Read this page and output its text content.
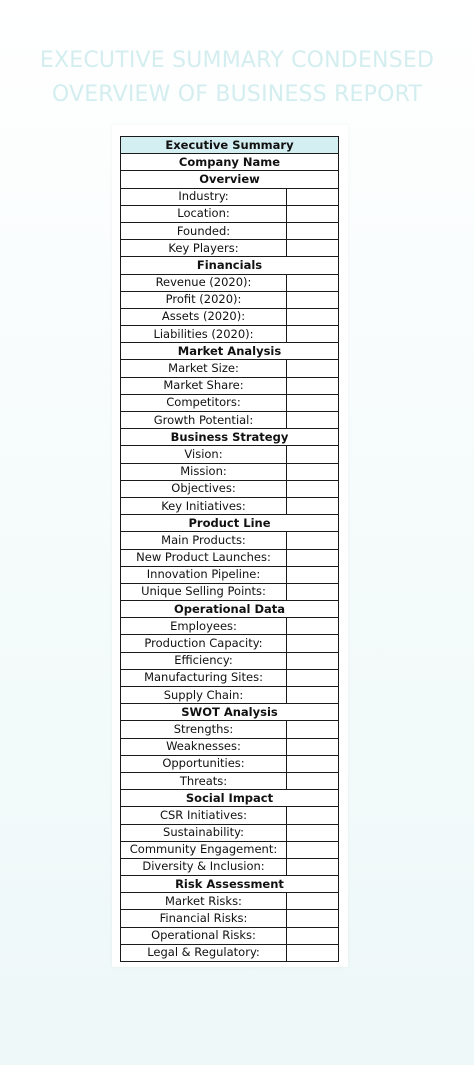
EXECUTIVE SUMMARY CONDENSED
OVERVIEW OF BUSINESS REPORT
Executive Summary	
Company Name	
Overview	
Industry:	
Location:	
Founded:	
Key Players:	
Financials	
Revenue (2020):	
Profit (2020):	
Assets (2020):	
Liabilities (2020):	
Market Analysis	
Market Size:	
Market Share:	
Competitors:	
Growth Potential:	
Business Strategy	
Vision:	
Mission:	
Objectives:	
Key Initiatives:	
Product Line	
Main Products:	
New Product Launches:	
Innovation Pipeline:	
Unique Selling Points:	
Operational Data	
Employees:	
Production Capacity:	
Efficiency:	
Manufacturing Sites:	
Supply Chain:	
SWOT Analysis	
Strengths:	
Weaknesses:	
Opportunities:	
Threats:	
Social Impact	
CSR Initiatives:	
Sustainability:	
Community Engagement:	
Diversity & Inclusion:	
Risk Assessment	
Market Risks:	
Financial Risks:	
Operational Risks:	
Legal & Regulatory:	
